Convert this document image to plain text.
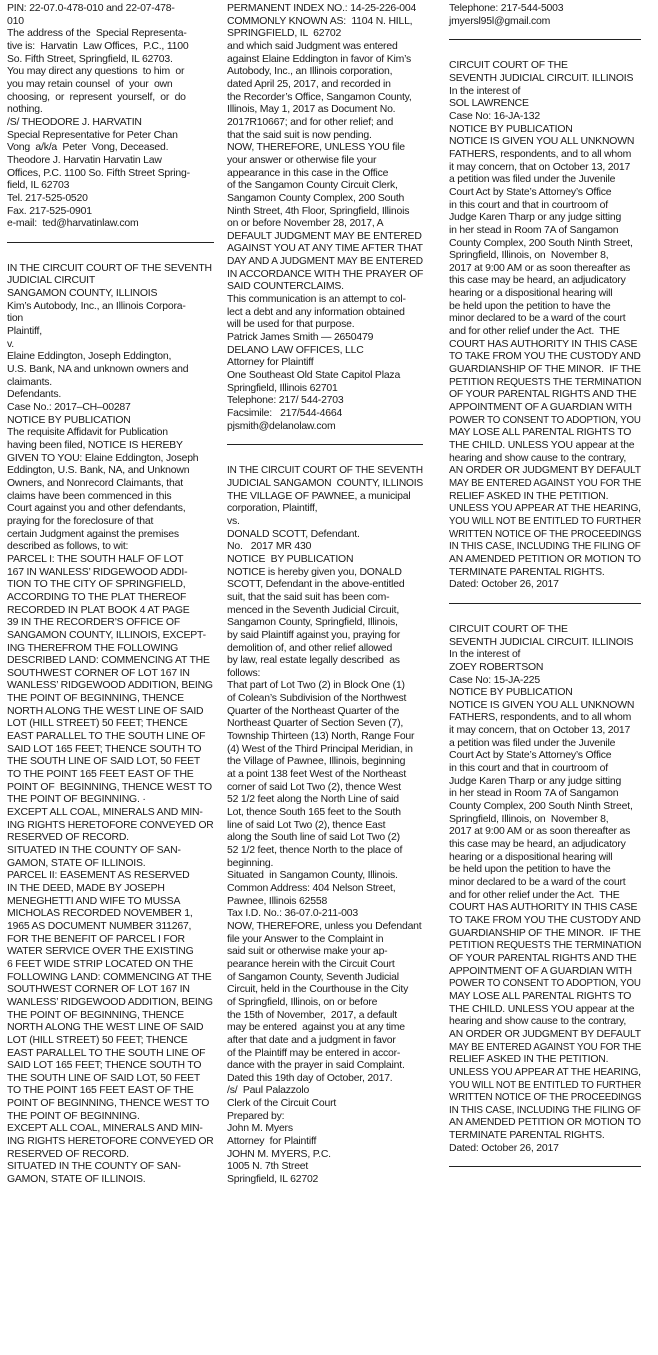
PIN: 22-07.0-478-010 and 22-07-478-
010
The address of the  Special Representa-
tive is:  Harvatin  Law Offices,  P.C., 1100
So. Fifth Street, Springfield, IL 62703.
You may direct any questions  to him  or
you may retain counsel  of  your  own
choosing,  or  represent  yourself,  or  do
nothing.
/S/ THEODORE J. HARVATIN
Special Representative for Peter Chan
Vong  a/k/a  Peter  Vong, Deceased.
Theodore J. Harvatin Harvatin Law
Offices, P.C. 1100 So. Fifth Street Spring-
field, IL 62703
Tel. 217-525-0520
Fax. 217-525-0901
e-mail:  ted@harvatinlaw.com
IN THE CIRCUIT COURT OF THE SEVENTH
JUDICIAL CIRCUIT
SANGAMON COUNTY, ILLINOIS
Kim’s Autobody, Inc., an Illinois Corpora-
tion
Plaintiff,
v.
Elaine Eddington, Joseph Eddington,
U.S. Bank, NA and unknown owners and
claimants.
Defendants.
Case No.: 2017–CH–00287
NOTICE BY PUBLICATION
The requisite Affidavit for Publication
having been filed, NOTICE IS HEREBY
GIVEN TO YOU: Elaine Eddington, Joseph
Eddington, U.S. Bank, NA, and Unknown
Owners, and Nonrecord Claimants, that
claims have been commenced in this
Court against you and other defendants,
praying for the foreclosure of that
certain Judgment against the premises
described as follows, to wit:
PARCEL I: THE SOUTH HALF OF LOT
167 IN WANLESS’ RIDGEWOOD ADDI-
TION TO THE CITY OF SPRINGFIELD,
ACCORDING TO THE PLAT THEREOF
RECORDED IN PLAT BOOK 4 AT PAGE
39 IN THE RECORDER’S OFFICE OF
SANGAMON COUNTY, ILLINOIS, EXCEPT-
ING THEREFROM THE FOLLOWING
DESCRIBED LAND: COMMENCING AT THE
SOUTHWEST CORNER OF LOT 167 IN
WANLESS’ RIDGEWOOD ADDITION, BEING
THE POINT OF BEGINNING, THENCE
NORTH ALONG THE WEST LINE OF SAID
LOT (HILL STREET) 50 FEET; THENCE
EAST PARALLEL TO THE SOUTH LINE OF
SAID LOT 165 FEET; THENCE SOUTH TO
THE SOUTH LINE OF SAID LOT, 50 FEET
TO THE POINT 165 FEET EAST OF THE
POINT OF  BEGINNING, THENCE WEST TO
THE POINT OF BEGINNING. ·
EXCEPT ALL COAL, MINERALS AND MIN-
ING RIGHTS HERETOFORE CONVEYED OR
RESERVED OF RECORD.
SITUATED IN THE COUNTY OF SAN-
GAMON, STATE OF ILLINOIS.
PARCEL II: EASEMENT AS RESERVED
IN THE DEED, MADE BY JOSEPH
MENEGHETTI AND WIFE TO MUSSA
MICHOLAS RECORDED NOVEMBER 1,
1965 AS DOCUMENT NUMBER 311267,
FOR THE BENEFIT OF PARCEL I FOR
WATER SERVICE OVER THE EXISTING
6 FEET WIDE STRIP LOCATED ON THE
FOLLOWING LAND: COMMENCING AT THE
SOUTHWEST CORNER OF LOT 167 IN
WANLESS’ RIDGEWOOD ADDITION, BEING
THE POINT OF BEGINNING, THENCE
NORTH ALONG THE WEST LINE OF SAID
LOT (HILL STREET) 50 FEET; THENCE
EAST PARALLEL TO THE SOUTH LINE OF
SAID LOT 165 FEET; THENCE SOUTH TO
THE SOUTH LINE OF SAID LOT, 50 FEET
TO THE POINT 165 FEET EAST OF THE
POINT OF BEGINNING, THENCE WEST TO
THE POINT OF BEGINNING.
EXCEPT ALL COAL, MINERALS AND MIN-
ING RIGHTS HERETOFORE CONVEYED OR
RESERVED OF RECORD.
SITUATED IN THE COUNTY OF SAN-
GAMON, STATE OF ILLINOIS.
PERMANENT INDEX NO.: 14-25-226-004
COMMONLY KNOWN AS:  1104 N. HILL,
SPRINGFIELD, IL  62702
and which said Judgment was entered
against Elaine Eddington in favor of Kim’s
Autobody, Inc., an Illinois corporation,
dated April 25, 2017, and recorded in
the Recorder’s Office, Sangamon County,
Illinois, May 1, 2017 as Document No.
2017R10667; and for other relief; and
that the said suit is now pending.
NOW, THEREFORE, UNLESS YOU file
your answer or otherwise file your
appearance in this case in the Office
of the Sangamon County Circuit Clerk,
Sangamon County Complex, 200 South
Ninth Street, 4th Floor, Springfield, Illinois
on or before November 28, 2017, A
DEFAULT JUDGMENT MAY BE ENTERED
AGAINST YOU AT ANY TIME AFTER THAT
DAY AND A JUDGMENT MAY BE ENTERED
IN ACCORDANCE WITH THE PRAYER OF
SAID COUNTERCLAIMS.
This communication is an attempt to col-
lect a debt and any information obtained
will be used for that purpose.
Patrick James Smith — 2650479
DELANO LAW OFFICES, LLC
Attorney for Plaintiff
One Southeast Old State Capitol Plaza
Springfield, Illinois 62701
Telephone: 217/ 544-2703
Facsimile:   217/544-4664
pjsmith@delanolaw.com
IN THE CIRCUIT COURT OF THE SEVENTH
JUDICIAL SANGAMON  COUNTY, ILLINOIS
THE VILLAGE OF PAWNEE, a municipal
corporation, Plaintiff,
vs.
DONALD SCOTT, Defendant.
No.   2017 MR 430
NOTICE  BY PUBLICATION
NOTICE is hereby given you, DONALD
SCOTT, Defendant in the above-entitled
suit, that the said suit has been com-
menced in the Seventh Judicial Circuit,
Sangamon County, Springfield, Illinois,
by said Plaintiff against you, praying for
demolition of, and other relief allowed
by law, real estate legally described  as
follows:
That part of Lot Two (2) in Block One (1)
of Colean’s Subdivision of the Northwest
Quarter of the Northeast Quarter of the
Northeast Quarter of Section Seven (7),
Township Thirteen (13) North, Range Four
(4) West of the Third Principal Meridian, in
the Village of Pawnee, Illinois, beginning
at a point 138 feet West of the Northeast
corner of said Lot Two (2), thence West
52 1/2 feet along the North Line of said
Lot, thence South 165 feet to the South
line of said Lot Two (2), thence East
along the South line of said Lot Two (2)
52 1/2 feet, thence North to the place of
beginning.
Situated  in Sangamon County, Illinois.
Common Address: 404 Nelson Street,
Pawnee, Illinois 62558
Tax I.D. No.: 36-07.0-211-003
NOW, THEREFORE, unless you Defendant
file your Answer to the Complaint in
said suit or otherwise make your ap-
pearance herein with the Circuit Court
of Sangamon County, Seventh Judicial
Circuit, held in the Courthouse in the City
of Springfield, Illinois, on or before
the 15th of November,  2017, a default
may be entered  against you at any time
after that date and a judgment in favor
of the Plaintiff may be entered in accor-
dance with the prayer in said Complaint.
Dated this 19th day of October, 2017.
/s/  Paul Palazzolo
Clerk of the Circuit Court
Prepared by:
John M. Myers
Attorney  for Plaintiff
JOHN M. MYERS, P.C.
1005 N. 7th Street
Springfield, IL 62702
Telephone: 217-544-5003
jmyersl95l@gmail.com
CIRCUIT COURT OF THE
SEVENTH JUDICIAL CIRCUIT. ILLINOIS
In the interest of
SOL LAWRENCE
Case No: 16-JA-132
NOTICE BY PUBLICATION
NOTICE IS GIVEN YOU ALL UNKNOWN
FATHERS, respondents, and to all whom
it may concern, that on October 13, 2017
a petition was filed under the Juvenile
Court Act by State’s Attorney’s Office
in this court and that in courtroom of
Judge Karen Tharp or any judge sitting
in her stead in Room 7A of Sangamon
County Complex, 200 South Ninth Street,
Springfield, Illinois, on  November 8,
2017 at 9:00 AM or as soon thereafter as
this case may be heard, an adjudicatory
hearing or a dispositional hearing will
be held upon the petition to have the
minor declared to be a ward of the court
and for other relief under the Act.  THE
COURT HAS AUTHORITY IN THIS CASE
TO TAKE FROM YOU THE CUSTODY AND
GUARDIANSHIP OF THE MINOR.  IF THE
PETITION REQUESTS THE TERMINATION
OF YOUR PARENTAL RIGHTS AND THE
APPOINTMENT OF A GUARDIAN WITH
POWER TO CONSENT TO ADOPTION, YOU
MAY LOSE ALL PARENTAL RIGHTS TO
THE CHILD. UNLESS YOU appear at the
hearing and show cause to the contrary,
AN ORDER OR JUDGMENT BY DEFAULT
MAY BE ENTERED AGAINST YOU FOR THE
RELIEF ASKED IN THE PETITION.
UNLESS YOU APPEAR AT THE HEARING,
YOU WILL NOT BE ENTITLED TO FURTHER
WRITTEN NOTICE OF THE PROCEEDINGS
IN THIS CASE, INCLUDING THE FILING OF
AN AMENDED PETITION OR MOTION TO
TERMINATE PARENTAL RIGHTS.
Dated: October 26, 2017
CIRCUIT COURT OF THE
SEVENTH JUDICIAL CIRCUIT. ILLINOIS
In the interest of
ZOEY ROBERTSON
Case No: 15-JA-225
NOTICE BY PUBLICATION
NOTICE IS GIVEN YOU ALL UNKNOWN
FATHERS, respondents, and to all whom
it may concern, that on October 13, 2017
a petition was filed under the Juvenile
Court Act by State’s Attorney’s Office
in this court and that in courtroom of
Judge Karen Tharp or any judge sitting
in her stead in Room 7A of Sangamon
County Complex, 200 South Ninth Street,
Springfield, Illinois, on  November 8,
2017 at 9:00 AM or as soon thereafter as
this case may be heard, an adjudicatory
hearing or a dispositional hearing will
be held upon the petition to have the
minor declared to be a ward of the court
and for other relief under the Act.  THE
COURT HAS AUTHORITY IN THIS CASE
TO TAKE FROM YOU THE CUSTODY AND
GUARDIANSHIP OF THE MINOR.  IF THE
PETITION REQUESTS THE TERMINATION
OF YOUR PARENTAL RIGHTS AND THE
APPOINTMENT OF A GUARDIAN WITH
POWER TO CONSENT TO ADOPTION, YOU
MAY LOSE ALL PARENTAL RIGHTS TO
THE CHILD. UNLESS YOU appear at the
hearing and show cause to the contrary,
AN ORDER OR JUDGMENT BY DEFAULT
MAY BE ENTERED AGAINST YOU FOR THE
RELIEF ASKED IN THE PETITION.
UNLESS YOU APPEAR AT THE HEARING,
YOU WILL NOT BE ENTITLED TO FURTHER
WRITTEN NOTICE OF THE PROCEEDINGS
IN THIS CASE, INCLUDING THE FILING OF
AN AMENDED PETITION OR MOTION TO
TERMINATE PARENTAL RIGHTS.
Dated: October 26, 2017
